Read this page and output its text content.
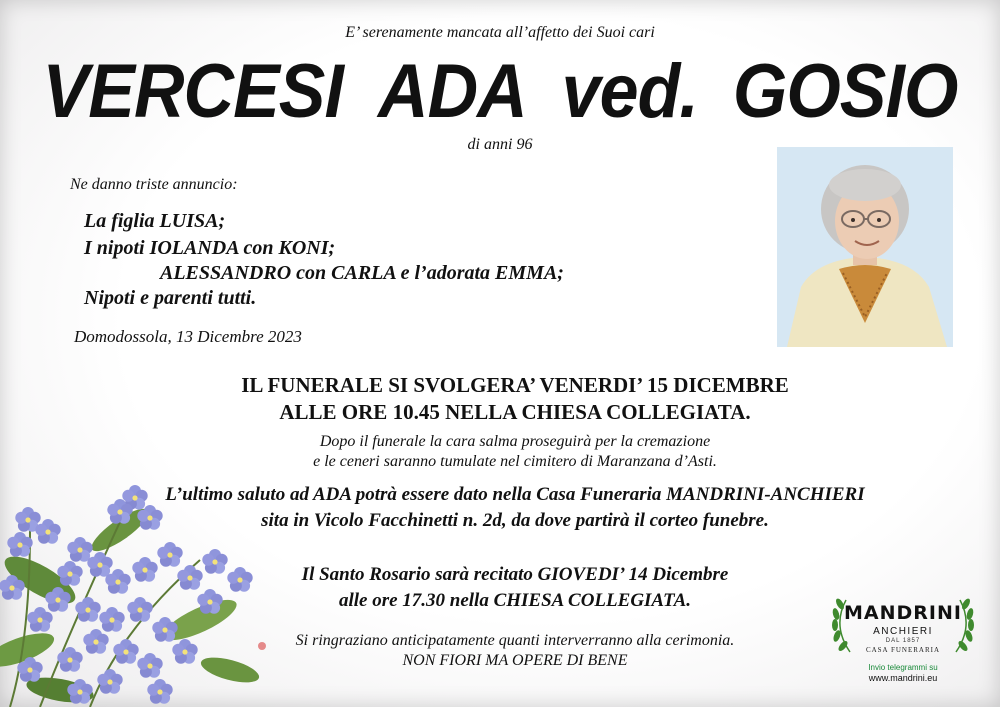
E’ serenamente mancata all’affetto dei Suoi cari
VERCESI ADA ved. GOSIO
di anni 96
Ne danno triste annuncio:
La figlia LUISA;
I nipoti IOLANDA con KONI;
ALESSANDRO con CARLA e l’adorata EMMA;
Nipoti e parenti tutti.
Domodossola, 13 Dicembre 2023
IL FUNERALE SI SVOLGERA’ VENERDI’ 15 DICEMBRE
ALLE ORE 10.45 NELLA CHIESA COLLEGIATA.
Dopo il funerale la cara salma proseguirà per la cremazione
e le ceneri saranno tumulate nel cimitero di Maranzana d’Asti.
L’ultimo saluto ad ADA potrà essere dato nella Casa Funeraria MANDRINI-ANCHIERI
sita in Vicolo Facchinetti n. 2d, da dove partirà il corteo funebre.
Il Santo Rosario sarà recitato GIOVEDI’ 14 Dicembre
alle ore 17.30 nella CHIESA COLLEGIATA.
Si ringraziano anticipatamente quanti interverranno alla cerimonia.
NON FIORI MA OPERE DI BENE
MANDRINI
ANCHIERI
DAL 1857
CASA FUNERARIA
Invio telegrammi su
www.mandrini.eu
